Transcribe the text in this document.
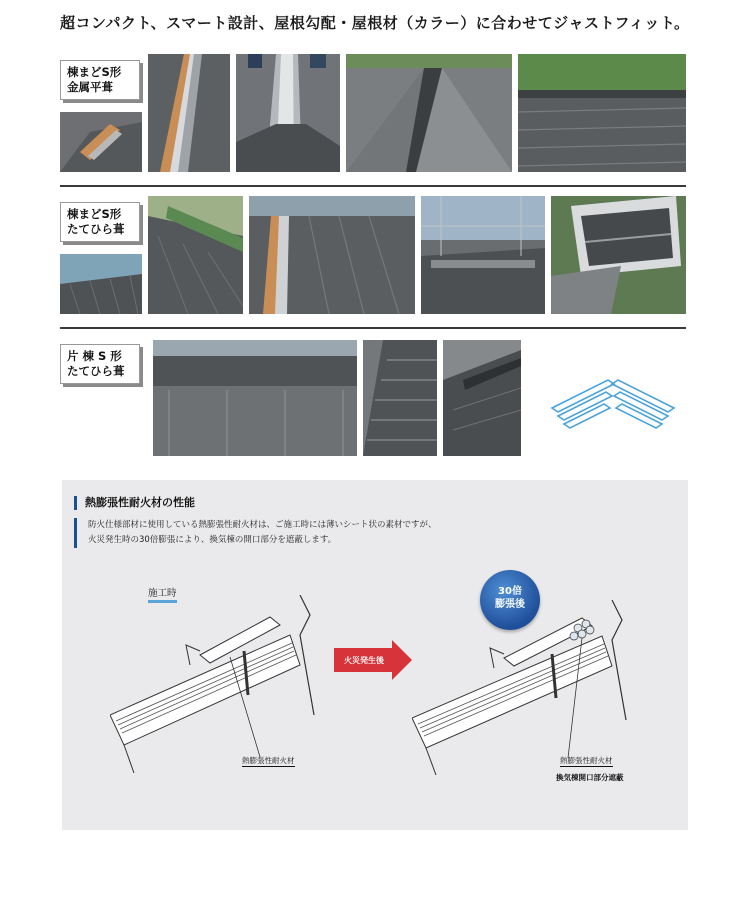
超コンパクト、スマート設計、屋根勾配・屋根材（カラー）に合わせてジャストフィット。
棟まどS形
金属平葺
棟まどS形
たてひら葺
片 棟 S 形
たてひら葺
熱膨張性耐火材の性能
防火仕様部材に使用している熱膨張性耐火材は、ご施工時には薄いシート状の素材ですが、
火災発生時の30倍膨張により、換気棟の開口部分を遮蔽します。
施工時
熱膨張性耐火材
火災発生後
30倍
膨張後
熱膨張性耐火材
換気棟開口部分遮蔽
